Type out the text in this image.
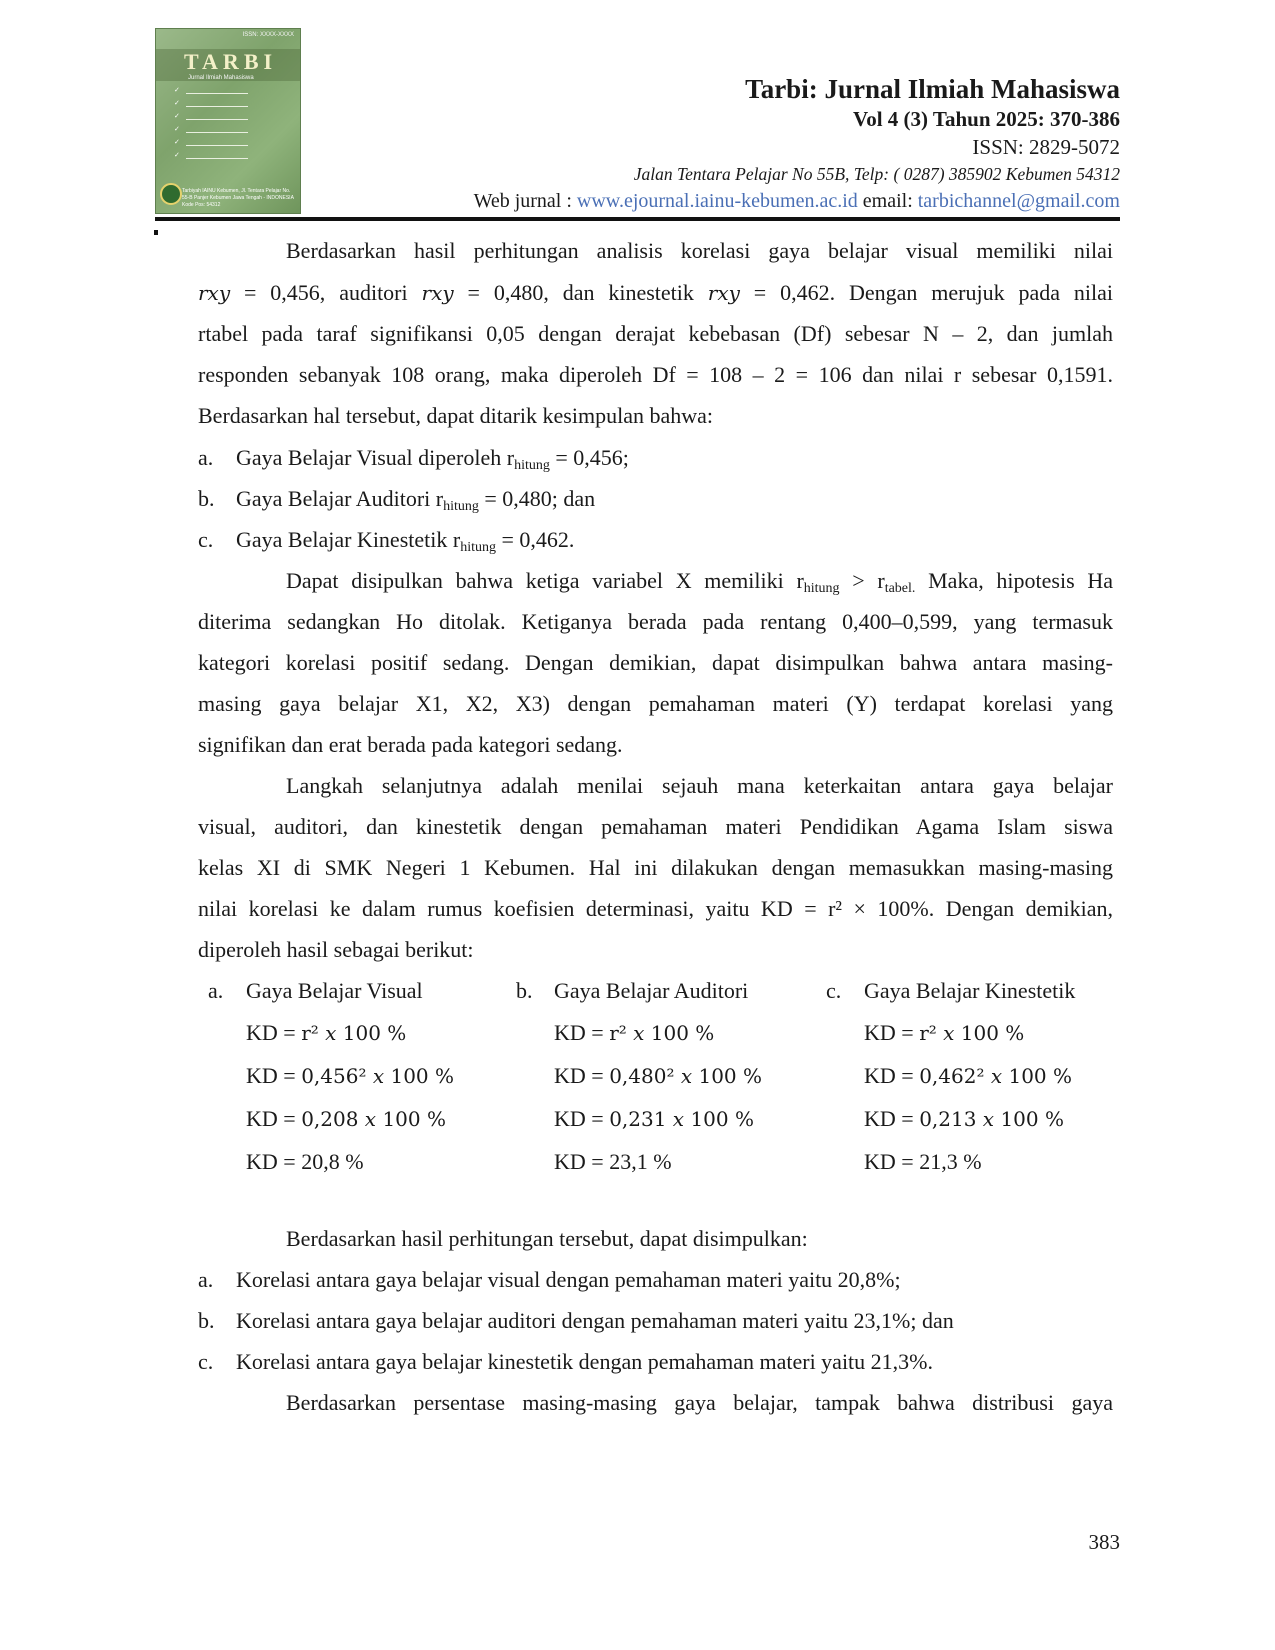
ISSN: XXXX-XXXX
TARBI
Jurnal Ilmiah Mahasiswa
✓
✓
✓
✓
✓
✓
Tarbiyah IAINU Kebumen, Jl. Tentara Pelajar No. 55-B Panjer Kebumen Jawa Tengah - INDONESIA Kode Pos: 54312
Tarbi: Jurnal Ilmiah Mahasiswa
Vol 4 (3) Tahun 2025: 370-386
ISSN: 2829-5072
Jalan Tentara Pelajar No 55B, Telp: ( 0287) 385902 Kebumen 54312
Web jurnal : www.ejournal.iainu-kebumen.ac.id email: tarbichannel@gmail.com
Berdasarkan hasil perhitungan analisis korelasi gaya belajar visual memiliki nilai
rxy = 0,456, auditori rxy = 0,480, dan kinestetik rxy = 0,462. Dengan merujuk pada nilai
rtabel pada taraf signifikansi 0,05 dengan derajat kebebasan (Df) sebesar N – 2, dan jumlah
responden sebanyak 108 orang, maka diperoleh Df = 108 – 2 = 106 dan nilai r sebesar 0,1591.
Berdasarkan hal tersebut, dapat ditarik kesimpulan bahwa:
a. Gaya Belajar Visual diperoleh $r_{hitung} = 0,456$;
b. Gaya Belajar Auditori $r_{hitung} = 0,480$; dan
c. Gaya Belajar Kinestetik $r_{hitung} = 0,462$.
Dapat disipulkan bahwa ketiga variabel X memiliki $r_{hitung} > r_{tabel.}$ Maka, hipotesis Ha
diterima sedangkan Ho ditolak. Ketiganya berada pada rentang 0,400–0,599, yang termasuk
kategori korelasi positif sedang. Dengan demikian, dapat disimpulkan bahwa antara masing-
masing gaya belajar X1, X2, X3) dengan pemahaman materi (Y) terdapat korelasi yang
signifikan dan erat berada pada kategori sedang.
Langkah selanjutnya adalah menilai sejauh mana keterkaitan antara gaya belajar
visual, auditori, dan kinestetik dengan pemahaman materi Pendidikan Agama Islam siswa
kelas XI di SMK Negeri 1 Kebumen. Hal ini dilakukan dengan memasukkan masing-masing
nilai korelasi ke dalam rumus koefisien determinasi, yaitu KD = r² × 100%. Dengan demikian,
diperoleh hasil sebagai berikut:
a. Gaya Belajar Visual
KD = r² x 100 %
KD = 0,456² x 100 %
KD = 0,208 x 100 %
KD = 20,8 %
b. Gaya Belajar Auditori
KD = r² x 100 %
KD = 0,480² x 100 %
KD = 0,231 x 100 %
KD = 23,1 %
c. Gaya Belajar Kinestetik
KD = r² x 100 %
KD = 0,462² x 100 %
KD = 0,213 x 100 %
KD = 21,3 %
Berdasarkan hasil perhitungan tersebut, dapat disimpulkan:
a. Korelasi antara gaya belajar visual dengan pemahaman materi yaitu 20,8%;
b. Korelasi antara gaya belajar auditori dengan pemahaman materi yaitu 23,1%; dan
c. Korelasi antara gaya belajar kinestetik dengan pemahaman materi yaitu 21,3%.
Berdasarkan persentase masing-masing gaya belajar, tampak bahwa distribusi gaya
383
